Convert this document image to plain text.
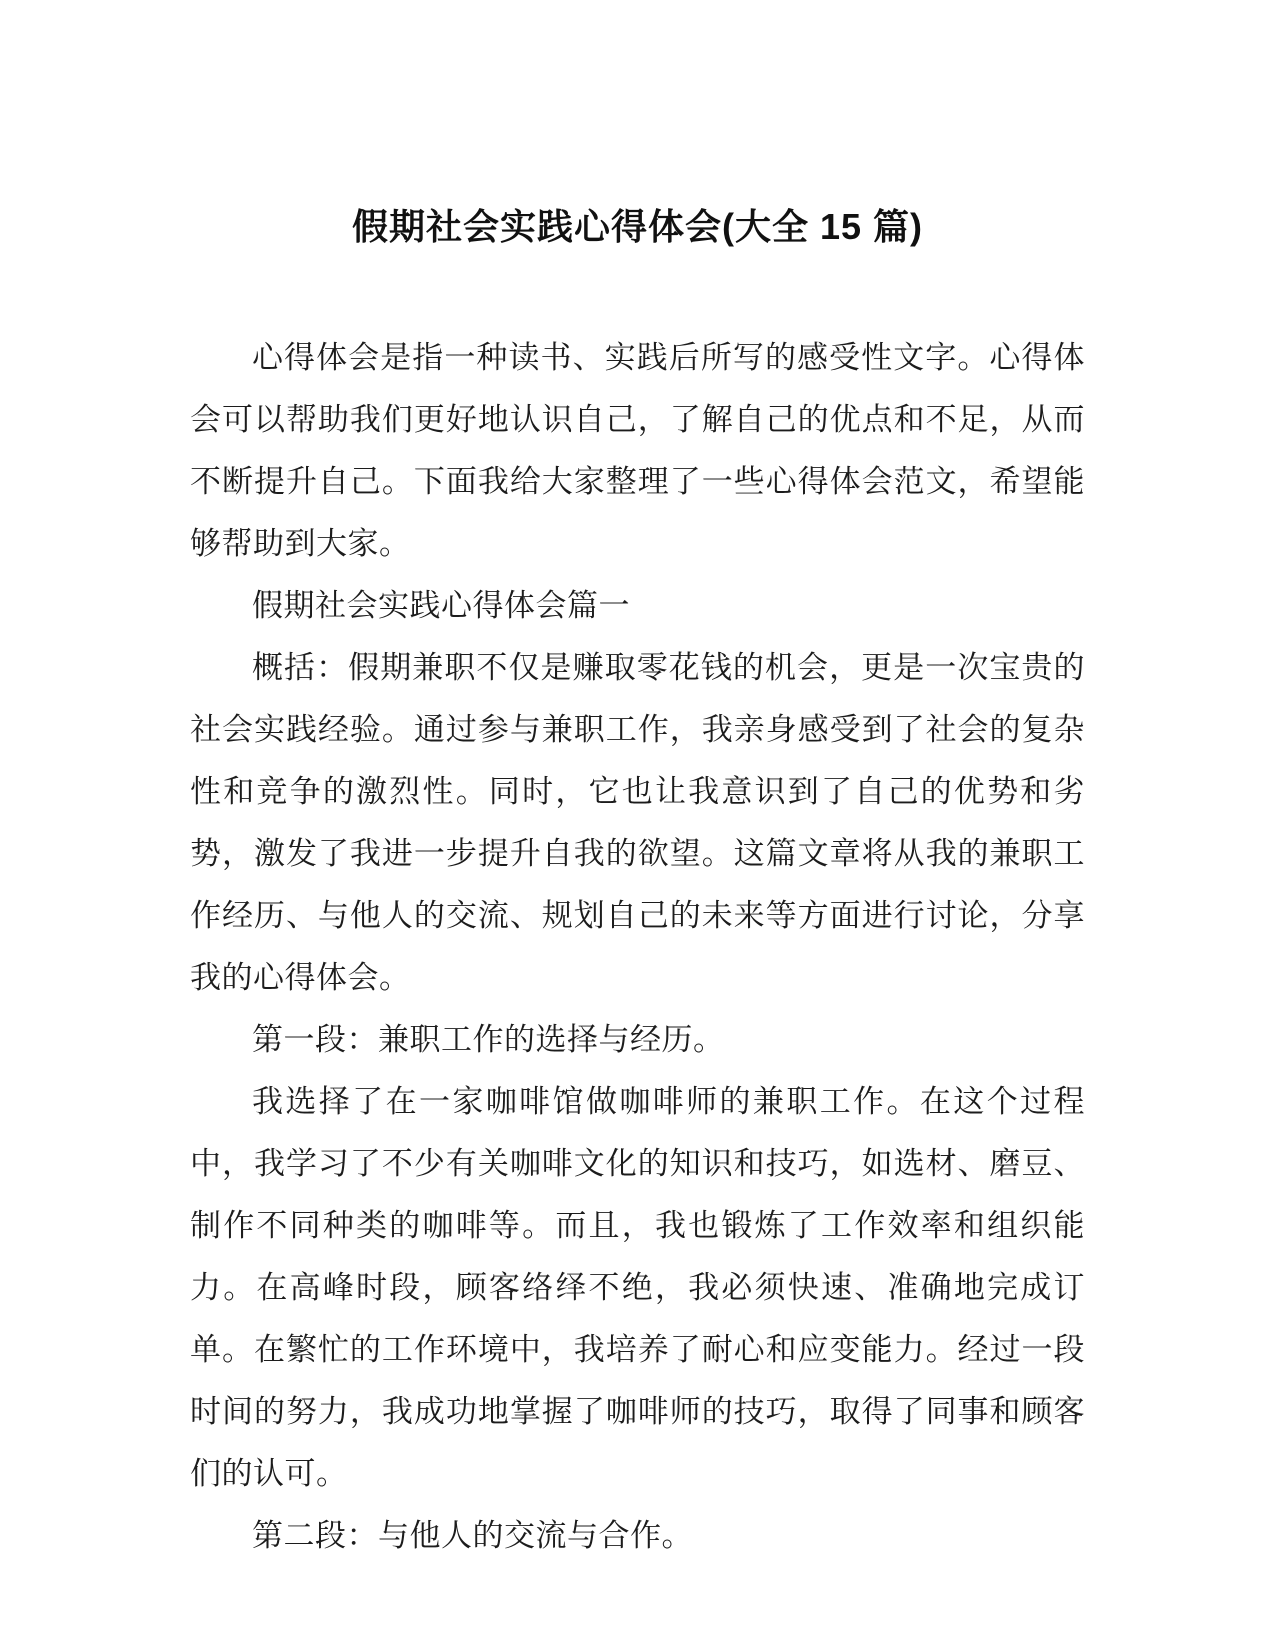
假期社会实践心得体会(大全 15 篇)

心得体会是指一种读书、实践后所写的感受性文字。心得体会可以帮助我们更好地认识自己，了解自己的优点和不足，从而不断提升自己。下面我给大家整理了一些心得体会范文，希望能够帮助到大家。

假期社会实践心得体会篇一

概括：假期兼职不仅是赚取零花钱的机会，更是一次宝贵的社会实践经验。通过参与兼职工作，我亲身感受到了社会的复杂性和竞争的激烈性。同时，它也让我意识到了自己的优势和劣势，激发了我进一步提升自我的欲望。这篇文章将从我的兼职工作经历、与他人的交流、规划自己的未来等方面进行讨论，分享我的心得体会。

第一段：兼职工作的选择与经历。

我选择了在一家咖啡馆做咖啡师的兼职工作。在这个过程中，我学习了不少有关咖啡文化的知识和技巧，如选材、磨豆、制作不同种类的咖啡等。而且，我也锻炼了工作效率和组织能力。在高峰时段，顾客络绎不绝，我必须快速、准确地完成订单。在繁忙的工作环境中，我培养了耐心和应变能力。经过一段时间的努力，我成功地掌握了咖啡师的技巧，取得了同事和顾客们的认可。

第二段：与他人的交流与合作。
